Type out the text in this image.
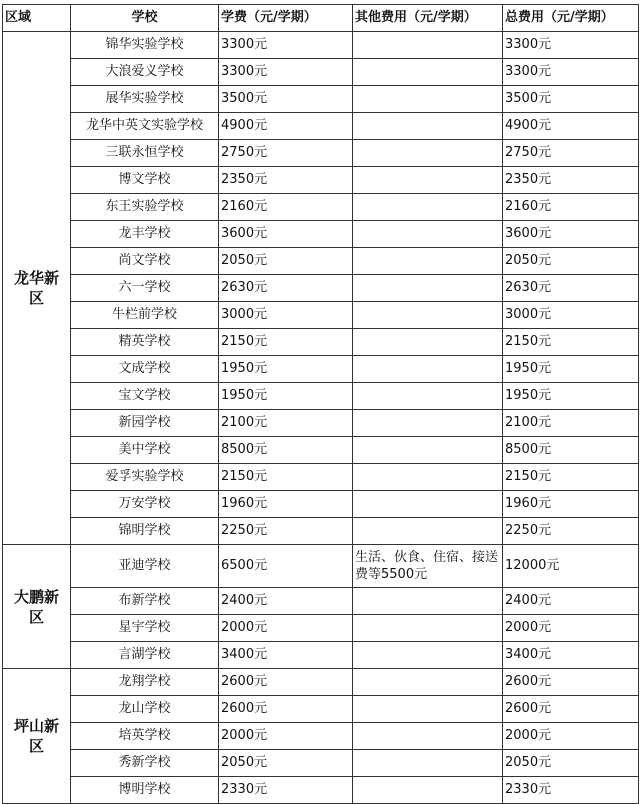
区域	学校	学费（元/学期）	其他费用（元/学期）	总费用（元/学期）
龙华新区	锦华实验学校	3300元		3300元
	大浪爱义学校	3300元		3300元
	展华实验学校	3500元		3500元
	龙华中英文实验学校	4900元		4900元
	三联永恒学校	2750元		2750元
	博文学校	2350元		2350元
	东王实验学校	2160元		2160元
	龙丰学校	3600元		3600元
	尚文学校	2050元		2050元
	六一学校	2630元		2630元
	牛栏前学校	3000元		3000元
	精英学校	2150元		2150元
	文成学校	1950元		1950元
	宝文学校	1950元		1950元
	新园学校	2100元		2100元
	美中学校	8500元		8500元
	爱孚实验学校	2150元		2150元
	万安学校	1960元		1960元
	锦明学校	2250元		2250元
大鹏新区	亚迪学校	6500元	生活、伙食、住宿、接送费等5500元	12000元
	布新学校	2400元		2400元
	星宇学校	2000元		2000元
	言湖学校	3400元		3400元
坪山新区	龙翔学校	2600元		2600元
	龙山学校	2600元		2600元
	培英学校	2000元		2000元
	秀新学校	2050元		2050元
	博明学校	2330元		2330元
